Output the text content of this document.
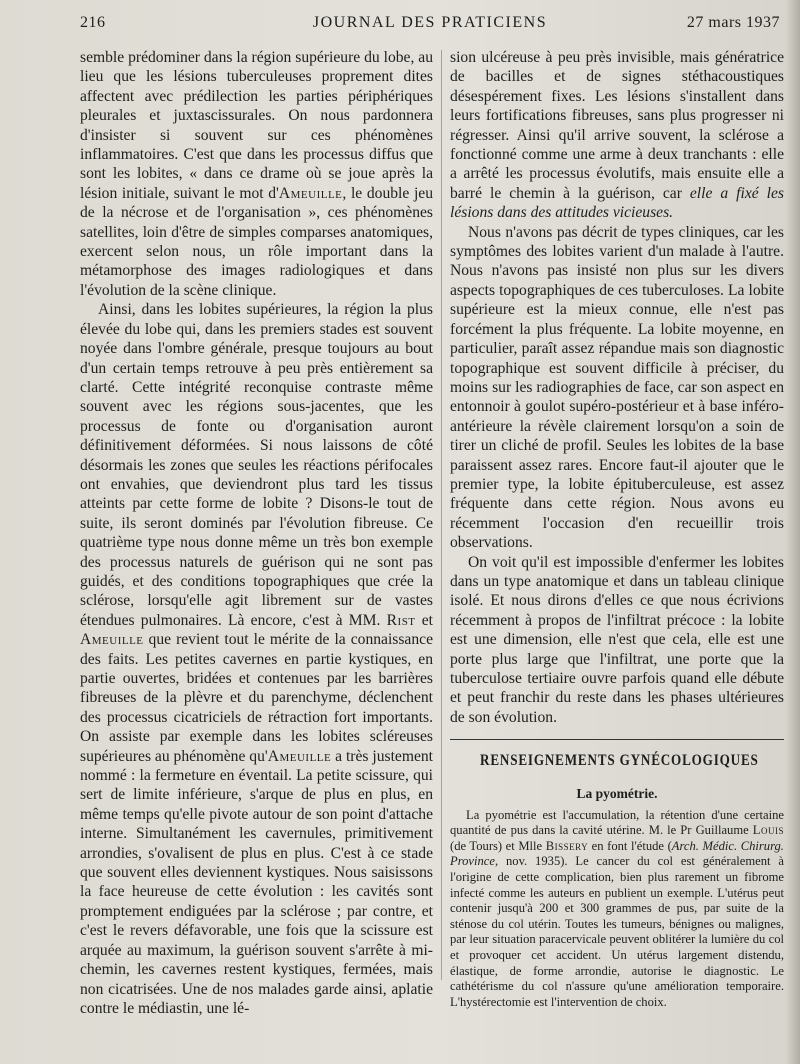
216	JOURNAL DES PRATICIENS	27 mars 1937

semble prédominer dans la région supérieure du lobe, au lieu que les lésions tuberculeuses proprement dites affectent avec prédilection les parties périphériques pleurales et juxtascissurales. On nous pardonnera d'insister si souvent sur ces phénomènes inflammatoires. C'est que dans les processus diffus que sont les lobites, « dans ce drame où se joue après la lésion initiale, suivant le mot d'Ameuille, le double jeu de la nécrose et de l'organisation », ces phénomènes satellites, loin d'être de simples comparses anatomiques, exercent selon nous, un rôle important dans la métamorphose des images radiologiques et dans l'évolution de la scène clinique.

Ainsi, dans les lobites supérieures, la région la plus élevée du lobe qui, dans les premiers stades est souvent noyée dans l'ombre générale, presque toujours au bout d'un certain temps retrouve à peu près entièrement sa clarté. Cette intégrité reconquise contraste même souvent avec les régions sous-jacentes, que les processus de fonte ou d'organisation auront définitivement déformées. Si nous laissons de côté désormais les zones que seules les réactions périfocales ont envahies, que deviendront plus tard les tissus atteints par cette forme de lobite ? Disons-le tout de suite, ils seront dominés par l'évolution fibreuse. Ce quatrième type nous donne même un très bon exemple des processus naturels de guérison qui ne sont pas guidés, et des conditions topographiques que crée la sclérose, lorsqu'elle agit librement sur de vastes étendues pulmonaires. Là encore, c'est à MM. Rist et Ameuille que revient tout le mérite de la connaissance des faits. Les petites cavernes en partie kystiques, en partie ouvertes, bridées et contenues par les barrières fibreuses de la plèvre et du parenchyme, déclenchent des processus cicatriciels de rétraction fort importants. On assiste par exemple dans les lobites scléreuses supérieures au phénomène qu'Ameuille a très justement nommé : la fermeture en éventail. La petite scissure, qui sert de limite inférieure, s'arque de plus en plus, en même temps qu'elle pivote autour de son point d'attache interne. Simultanément les cavernules, primitivement arrondies, s'ovalisent de plus en plus. C'est à ce stade que souvent elles deviennent kystiques. Nous saisissons la face heureuse de cette évolution : les cavités sont promptement endiguées par la sclérose ; par contre, et c'est le revers défavorable, une fois que la scissure est arquée au maximum, la guérison souvent s'arrête à mi-chemin, les cavernes restent kystiques, fermées, mais non cicatrisées. Une de nos malades garde ainsi, aplatie contre le médiastin, une lé-

sion ulcéreuse à peu près invisible, mais génératrice de bacilles et de signes stéthacoustiques désespérement fixes. Les lésions s'installent dans leurs fortifications fibreuses, sans plus progresser ni régresser. Ainsi qu'il arrive souvent, la sclérose a fonctionné comme une arme à deux tranchants : elle a arrêté les processus évolutifs, mais ensuite elle a barré le chemin à la guérison, car elle a fixé les lésions dans des attitudes vicieuses.

Nous n'avons pas décrit de types cliniques, car les symptômes des lobites varient d'un malade à l'autre. Nous n'avons pas insisté non plus sur les divers aspects topographiques de ces tuberculoses. La lobite supérieure est la mieux connue, elle n'est pas forcément la plus fréquente. La lobite moyenne, en particulier, paraît assez répandue mais son diagnostic topographique est souvent difficile à préciser, du moins sur les radiographies de face, car son aspect en entonnoir à goulot supéro-postérieur et à base inféro-antérieure la révèle clairement lorsqu'on a soin de tirer un cliché de profil. Seules les lobites de la base paraissent assez rares. Encore faut-il ajouter que le premier type, la lobite épituberculeuse, est assez fréquente dans cette région. Nous avons eu récemment l'occasion d'en recueillir trois observations.

On voit qu'il est impossible d'enfermer les lobites dans un type anatomique et dans un tableau clinique isolé. Et nous dirons d'elles ce que nous écrivions récemment à propos de l'infiltrat précoce : la lobite est une dimension, elle n'est que cela, elle est une porte plus large que l'infiltrat, une porte que la tuberculose tertiaire ouvre parfois quand elle débute et peut franchir du reste dans les phases ultérieures de son évolution.

RENSEIGNEMENTS GYNÉCOLOGIQUES
La pyométrie.

La pyométrie est l'accumulation, la rétention d'une certaine quantité de pus dans la cavité utérine. M. le Pr Guillaume Louis (de Tours) et Mlle Bissery en font l'étude (Arch. Médic. Chirurg. Province, nov. 1935). Le cancer du col est généralement à l'origine de cette complication, bien plus rarement un fibrome infecté comme les auteurs en publient un exemple. L'utérus peut contenir jusqu'à 200 et 300 grammes de pus, par suite de la sténose du col utérin. Toutes les tumeurs, bénignes ou malignes, par leur situation paracervicale peuvent oblitérer la lumière du col et provoquer cet accident. Un utérus largement distendu, élastique, de forme arrondie, autorise le diagnostic. Le cathétérisme du col n'assure qu'une amélioration temporaire. L'hystérectomie est l'intervention de choix.
